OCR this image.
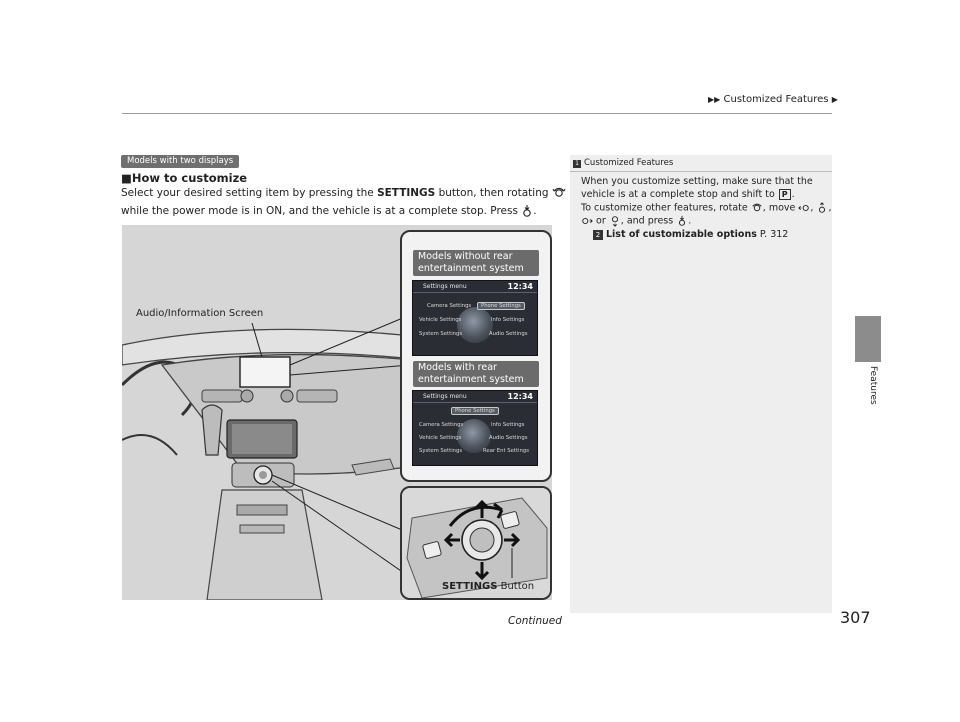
▶▶ Customized Features ▶
Features
Models with two displays
■How to customize
Select your desired setting item by pressing the SETTINGS button, then rotating
while the power mode is in ON, and the vehicle is at a complete stop. Press .
Audio/Information Screen
Models without rear entertainment system
Settings menu	12:34
Camera Settings	Phone Settings
Vehicle Settings	Info Settings
System Settings	Audio Settings
Models with rear entertainment system
Settings menu	12:34
Phone Settings
Camera Settings	Info Settings
Vehicle Settings	Audio Settings
System Settings	Rear Ent Settings
SETTINGS Button
1 Customized Features
When you customize setting, make sure that the
vehicle is at a complete stop and shift to P .
To customize other features, rotate , move , ,
or , and press .
2 List of customizable options P. 312
Continued	307
